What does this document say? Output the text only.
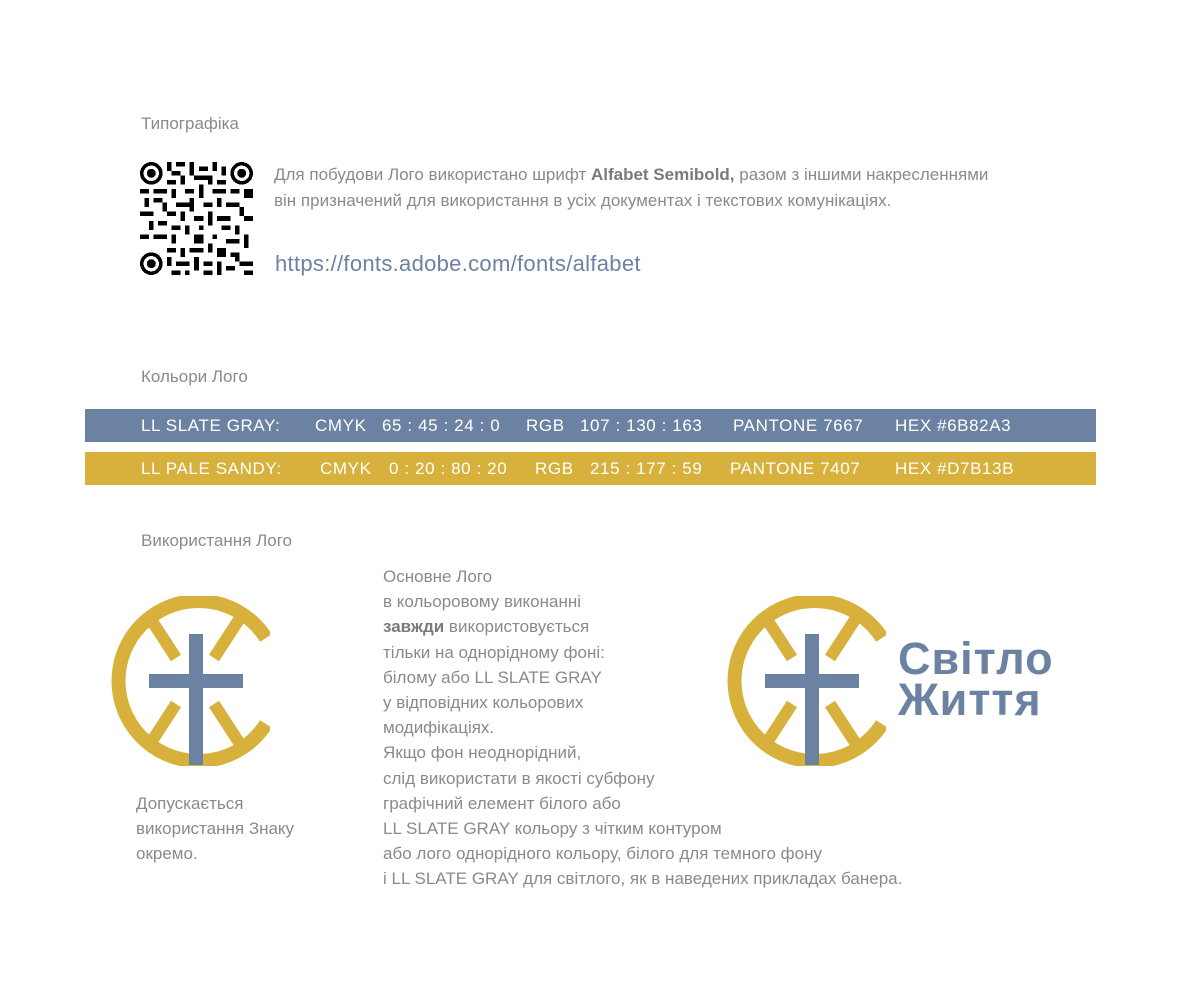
Типографіка
Для побудови Лого використано шрифт Alfabet Semibold, разом з іншими накресленнями
він призначений для використання в усіх документах і текстових комунікаціях.
https://fonts.adobe.com/fonts/alfabet
Кольори Лого
LL SLATE GRAY: CMYK 65 : 45 : 24 : 0 RGB 107 : 130 : 163 PANTONE 7667 HEX #6B82A3
LL PALE SANDY: CMYK 0 : 20 : 80 : 20 RGB 215 : 177 : 59 PANTONE 7407 HEX #D7B13B
Використання Лого
Допускається
використання Знаку
окремо.
Основне Лого
в кольоровому виконанні
завжди використовується
тільки на однорідному фоні:
білому або LL SLATE GRAY
у відповідних кольорових
модифікаціях.
Якщо фон неоднорідний,
слід використати в якості субфону
графічний елемент білого або
LL SLATE GRAY кольору з чітким контуром
або лого однорідного кольору, білого для темного фону
і LL SLATE GRAY для світлого, як в наведених прикладах банера.
Світло
Життя
